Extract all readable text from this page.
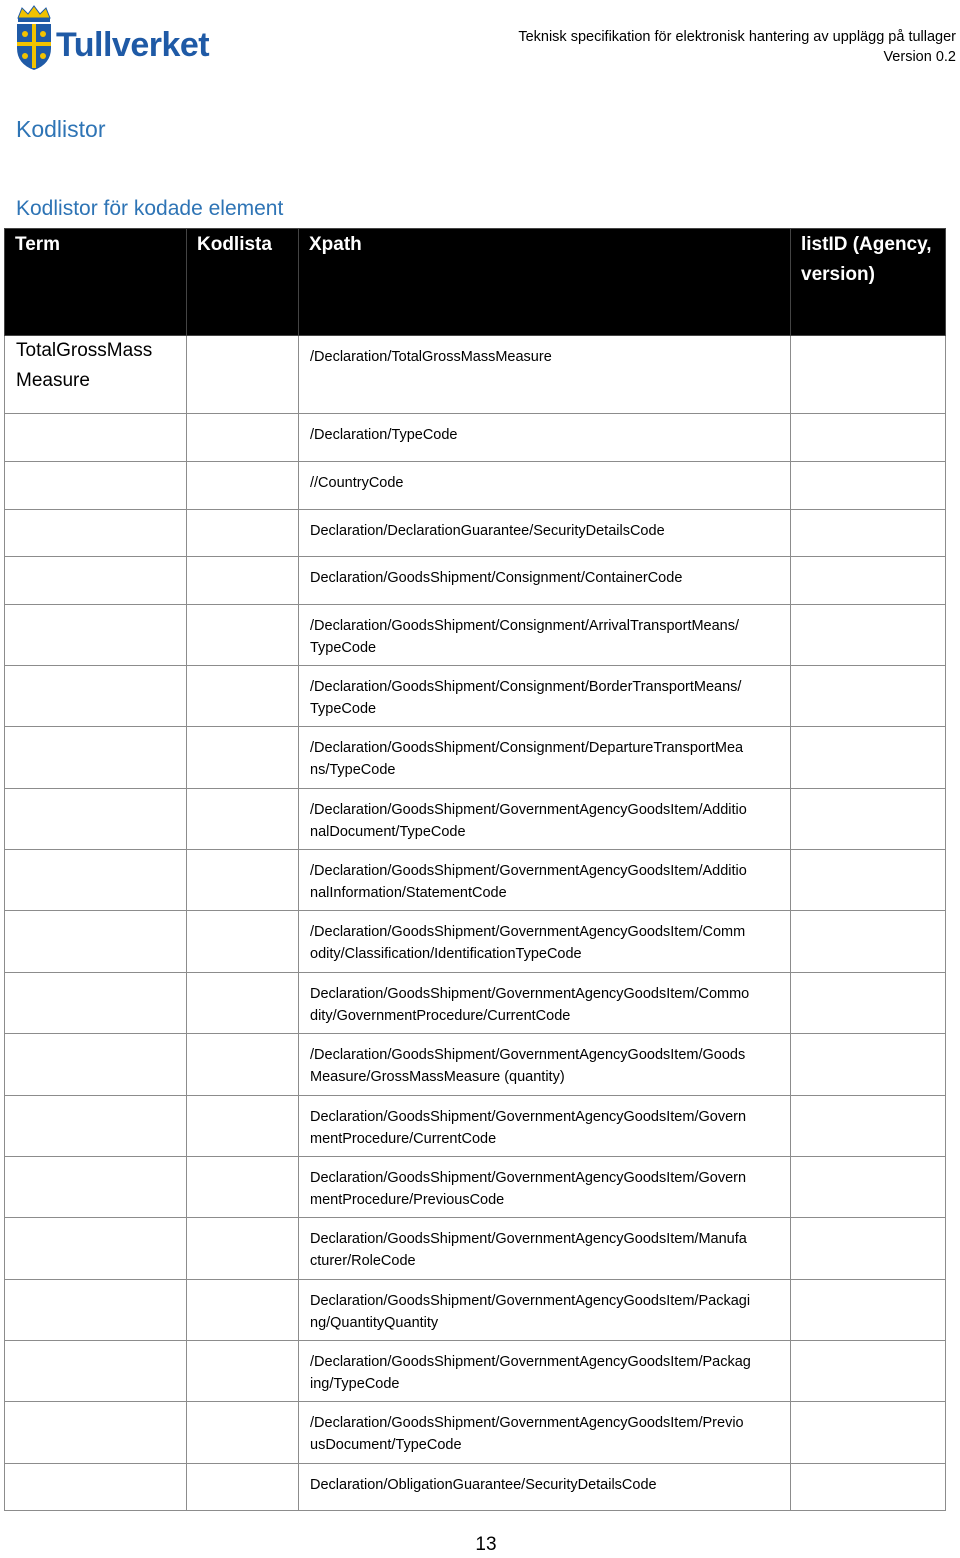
Tullverket	Teknisk specifikation för elektronisk hantering av upplägg på tullager
Version 0.2
Kodlistor
Kodlistor för kodade element
Term	Kodlista	Xpath	listID (Agency, version)
TotalGrossMass Measure		/Declaration/TotalGrossMassMeasure	
		/Declaration/TypeCode	
		//CountryCode	
		Declaration/DeclarationGuarantee/SecurityDetailsCode	
		Declaration/GoodsShipment/Consignment/ContainerCode	
		/Declaration/GoodsShipment/Consignment/ArrivalTransportMeans/ TypeCode	
		/Declaration/GoodsShipment/Consignment/BorderTransportMeans/ TypeCode	
		/Declaration/GoodsShipment/Consignment/DepartureTransportMea ns/TypeCode	
		/Declaration/GoodsShipment/GovernmentAgencyGoodsItem/Additio nalDocument/TypeCode	
		/Declaration/GoodsShipment/GovernmentAgencyGoodsItem/Additio nalInformation/StatementCode	
		/Declaration/GoodsShipment/GovernmentAgencyGoodsItem/Comm odity/Classification/IdentificationTypeCode	
		Declaration/GoodsShipment/GovernmentAgencyGoodsItem/Commo dity/GovernmentProcedure/CurrentCode	
		/Declaration/GoodsShipment/GovernmentAgencyGoodsItem/Goods Measure/GrossMassMeasure (quantity)	
		Declaration/GoodsShipment/GovernmentAgencyGoodsItem/Govern mentProcedure/CurrentCode	
		Declaration/GoodsShipment/GovernmentAgencyGoodsItem/Govern mentProcedure/PreviousCode	
		Declaration/GoodsShipment/GovernmentAgencyGoodsItem/Manufa cturer/RoleCode	
		Declaration/GoodsShipment/GovernmentAgencyGoodsItem/Packagi ng/QuantityQuantity	
		/Declaration/GoodsShipment/GovernmentAgencyGoodsItem/Packag ing/TypeCode	
		/Declaration/GoodsShipment/GovernmentAgencyGoodsItem/Previo usDocument/TypeCode	
		Declaration/ObligationGuarantee/SecurityDetailsCode	
13
